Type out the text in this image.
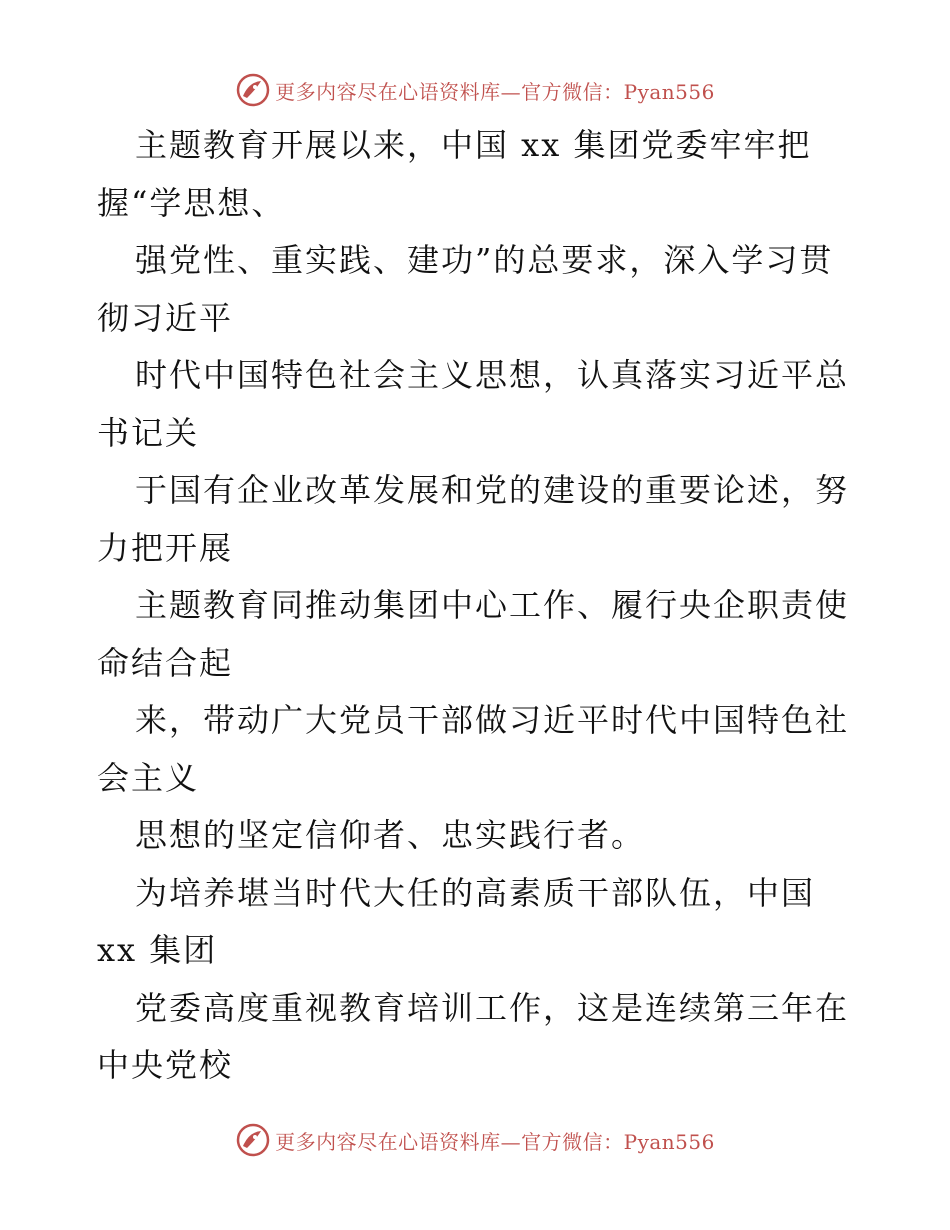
更多内容尽在心语资料库—官方微信：Pyan556
主题教育开展以来，中国 xx 集团党委牢牢把
握“学思想、
强党性、重实践、建功”的总要求，深入学习贯
彻习近平
时代中国特色社会主义思想，认真落实习近平总
书记关
于国有企业改革发展和党的建设的重要论述，努
力把开展
主题教育同推动集团中心工作、履行央企职责使
命结合起
来，带动广大党员干部做习近平时代中国特色社
会主义
思想的坚定信仰者、忠实践行者。
为培养堪当时代大任的高素质干部队伍，中国
xx 集团
党委高度重视教育培训工作，这是连续第三年在
中央党校
更多内容尽在心语资料库—官方微信：Pyan556
